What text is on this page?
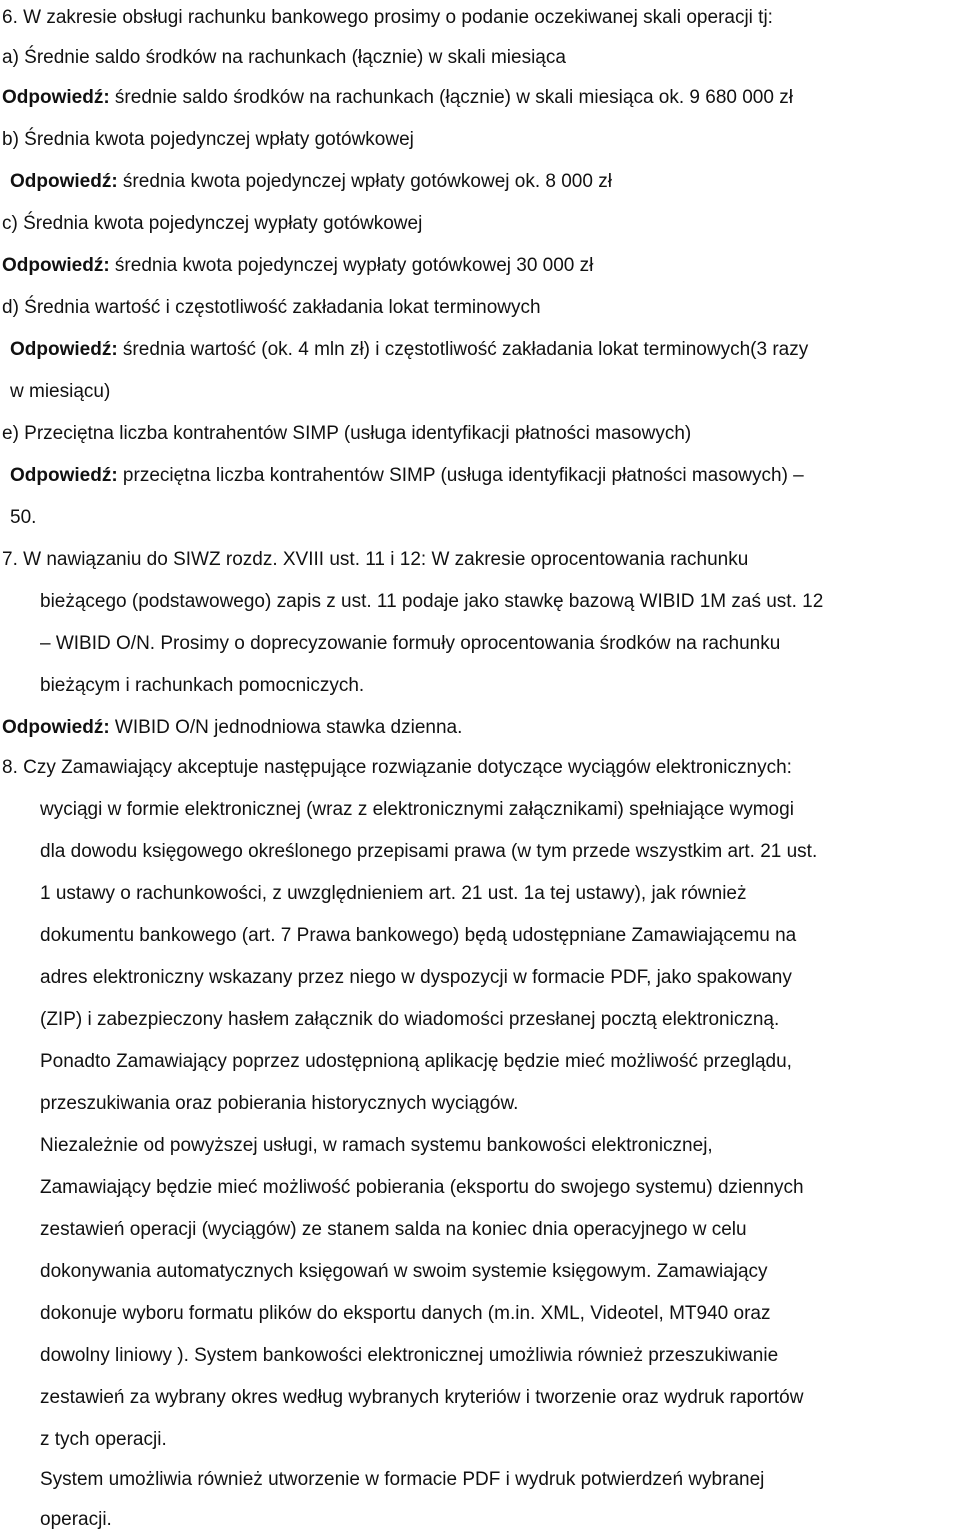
6. W zakresie obsługi rachunku bankowego prosimy o podanie oczekiwanej skali operacji tj:
a) Średnie saldo środków na rachunkach (łącznie) w skali miesiąca
Odpowiedź: średnie saldo środków na rachunkach (łącznie) w skali miesiąca ok. 9 680 000 zł
b) Średnia kwota pojedynczej wpłaty gotówkowej
Odpowiedź: średnia kwota pojedynczej wpłaty gotówkowej ok. 8 000 zł
c) Średnia kwota pojedynczej wypłaty gotówkowej
Odpowiedź: średnia kwota pojedynczej wypłaty gotówkowej 30 000 zł
d) Średnia wartość i częstotliwość zakładania lokat terminowych
Odpowiedź: średnia wartość (ok. 4 mln zł) i częstotliwość zakładania lokat terminowych(3 razy
w miesiącu)
e) Przeciętna liczba kontrahentów SIMP (usługa identyfikacji płatności masowych)
Odpowiedź: przeciętna liczba kontrahentów SIMP (usługa identyfikacji płatności masowych) –
50.
7. W nawiązaniu do SIWZ rozdz. XVIII ust. 11 i 12: W zakresie oprocentowania rachunku
bieżącego (podstawowego) zapis z ust. 11 podaje jako stawkę bazową WIBID 1M zaś ust. 12
– WIBID O/N. Prosimy o doprecyzowanie formuły oprocentowania środków na rachunku
bieżącym i rachunkach pomocniczych.
Odpowiedź: WIBID O/N jednodniowa stawka dzienna.
8. Czy Zamawiający akceptuje następujące rozwiązanie dotyczące wyciągów elektronicznych:
wyciągi w formie elektronicznej (wraz z elektronicznymi załącznikami) spełniające wymogi
dla dowodu księgowego określonego przepisami prawa (w tym przede wszystkim art. 21 ust.
1 ustawy o rachunkowości, z uwzględnieniem art. 21 ust. 1a tej ustawy), jak również
dokumentu bankowego (art. 7 Prawa bankowego) będą udostępniane Zamawiającemu na
adres elektroniczny wskazany przez niego w dyspozycji w formacie PDF, jako spakowany
(ZIP) i zabezpieczony hasłem załącznik do wiadomości przesłanej pocztą elektroniczną.
Ponadto Zamawiający poprzez udostępnioną aplikację będzie mieć możliwość przeglądu,
przeszukiwania oraz pobierania historycznych wyciągów.
Niezależnie od powyższej usługi, w ramach systemu bankowości elektronicznej,
Zamawiający będzie mieć możliwość pobierania (eksportu do swojego systemu) dziennych
zestawień operacji (wyciągów) ze stanem salda na koniec dnia operacyjnego w celu
dokonywania automatycznych księgowań w swoim systemie księgowym. Zamawiający
dokonuje wyboru formatu plików do eksportu danych (m.in. XML, Videotel, MT940 oraz
dowolny liniowy ). System bankowości elektronicznej umożliwia również przeszukiwanie
zestawień za wybrany okres według wybranych kryteriów i tworzenie oraz wydruk raportów
z tych operacji.
System umożliwia również utworzenie w formacie PDF i wydruk potwierdzeń wybranej
operacji.
